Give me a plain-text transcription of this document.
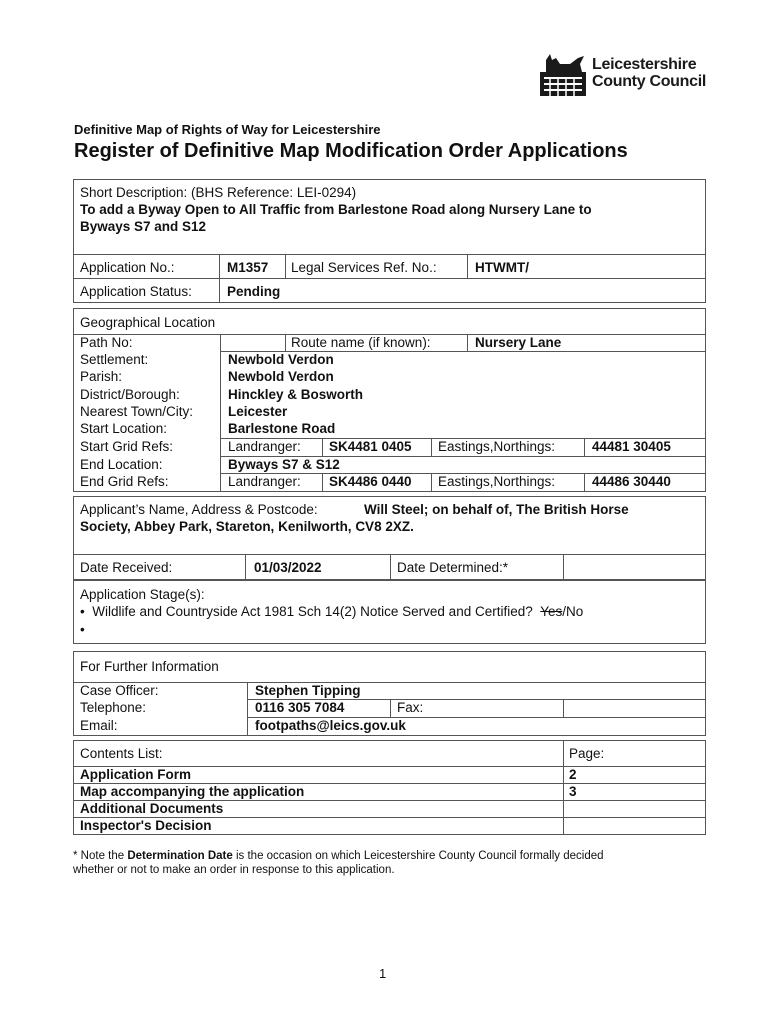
Leicestershire
County Council
Definitive Map of Rights of Way for Leicestershire
Register of Definitive Map Modification Order Applications
Short Description: (BHS Reference: LEI-0294)
To add a Byway Open to All Traffic from Barlestone Road along Nursery Lane to
Byways S7 and S12
Application No.:	M1357 Legal Services Ref. No.:	HTWMT/
Application Status:	Pending
Geographical Location
Path No:	Route name (if known):	Nursery Lane
Settlement:	Newbold Verdon
Parish:	Newbold Verdon
District/Borough:	Hinckley & Bosworth
Nearest Town/City:	Leicester
Start Location:	Barlestone Road
Start Grid Refs:	Landranger: SK4481 0405 Eastings,Northings:	44481 30405
End Location:	Byways S7 & S12
End Grid Refs:	Landranger: SK4486 0440 Eastings,Northings:	44486 30440
Applicant’s Name, Address & Postcode:	Will Steel; on behalf of, The British Horse
Society, Abbey Park, Stareton, Kenilworth, CV8 2XZ.
Date Received:	01/03/2022	Date Determined:*
Application Stage(s):
• Wildlife and Countryside Act 1981 Sch 14(2) Notice Served and Certified? Yes/No
•
For Further Information
Case Officer:	Stephen Tipping
Telephone:	0116 305 7084	Fax:
Email:	footpaths@leics.gov.uk
Contents List:	Page:
Application Form	2
Map accompanying the application	3
Additional Documents
Inspector's Decision
* Note the Determination Date is the occasion on which Leicestershire County Council formally decided
whether or not to make an order in response to this application.
1
